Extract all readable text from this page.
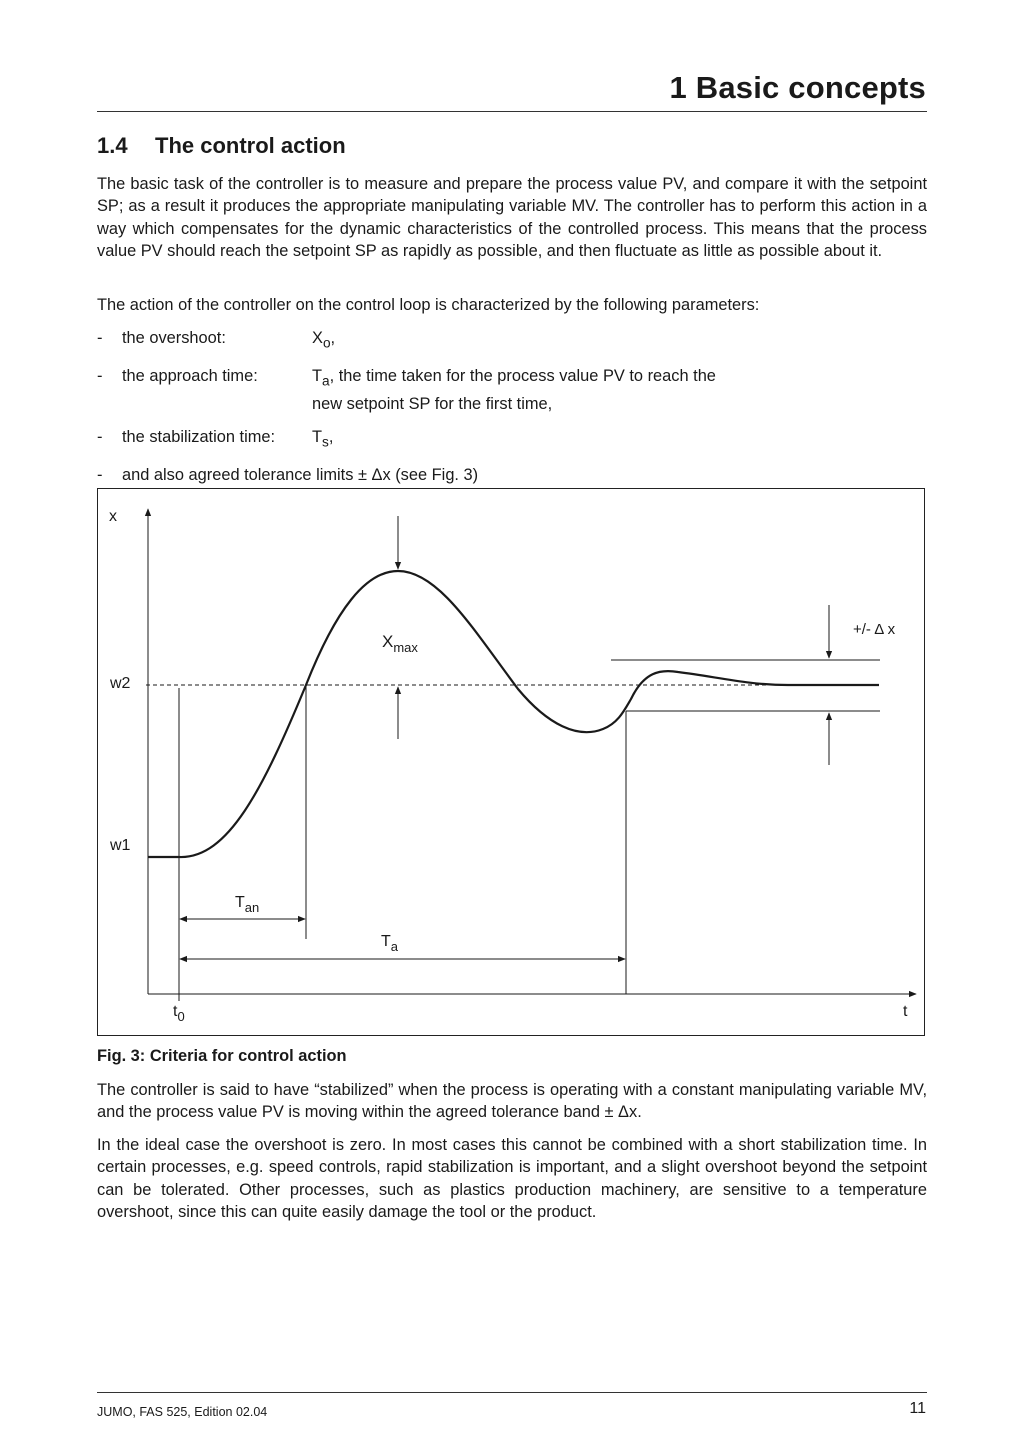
1 Basic concepts
1.4 The control action

The basic task of the controller is to measure and prepare the process value PV, and compare it with the setpoint SP; as a result it produces the appropriate manipulating variable MV. The controller has to perform this action in a way which compensates for the dynamic characteristics of the controlled process. This means that the process value PV should reach the setpoint SP as rapidly as possible, and then fluctuate as little as possible about it.

The action of the controller on the control loop is characterized by the following parameters:

- the overshoot:	$X_o$,
- the approach time:	$T_a$, the time taken for the process value PV to reach the
new setpoint SP for the first time,
- the stabilization time: $T_s$,
- and also agreed tolerance limits ± Δx (see Fig. 3)
x
w2
w1
$t_0$	t
$X_{max}$
$T_{an}$
$T_a$
+/- Δ x

Fig. 3: Criteria for control action

The controller is said to have “stabilized” when the process is operating with a constant manipulating variable MV, and the process value PV is moving within the agreed tolerance band ± Δx.

In the ideal case the overshoot is zero. In most cases this cannot be combined with a short stabilization time. In certain processes, e.g. speed controls, rapid stabilization is important, and a slight overshoot beyond the setpoint can be tolerated. Other processes, such as plastics production machinery, are sensitive to a temperature overshoot, since this can quite easily damage the tool or the product.

JUMO, FAS 525, Edition 02.04	11
